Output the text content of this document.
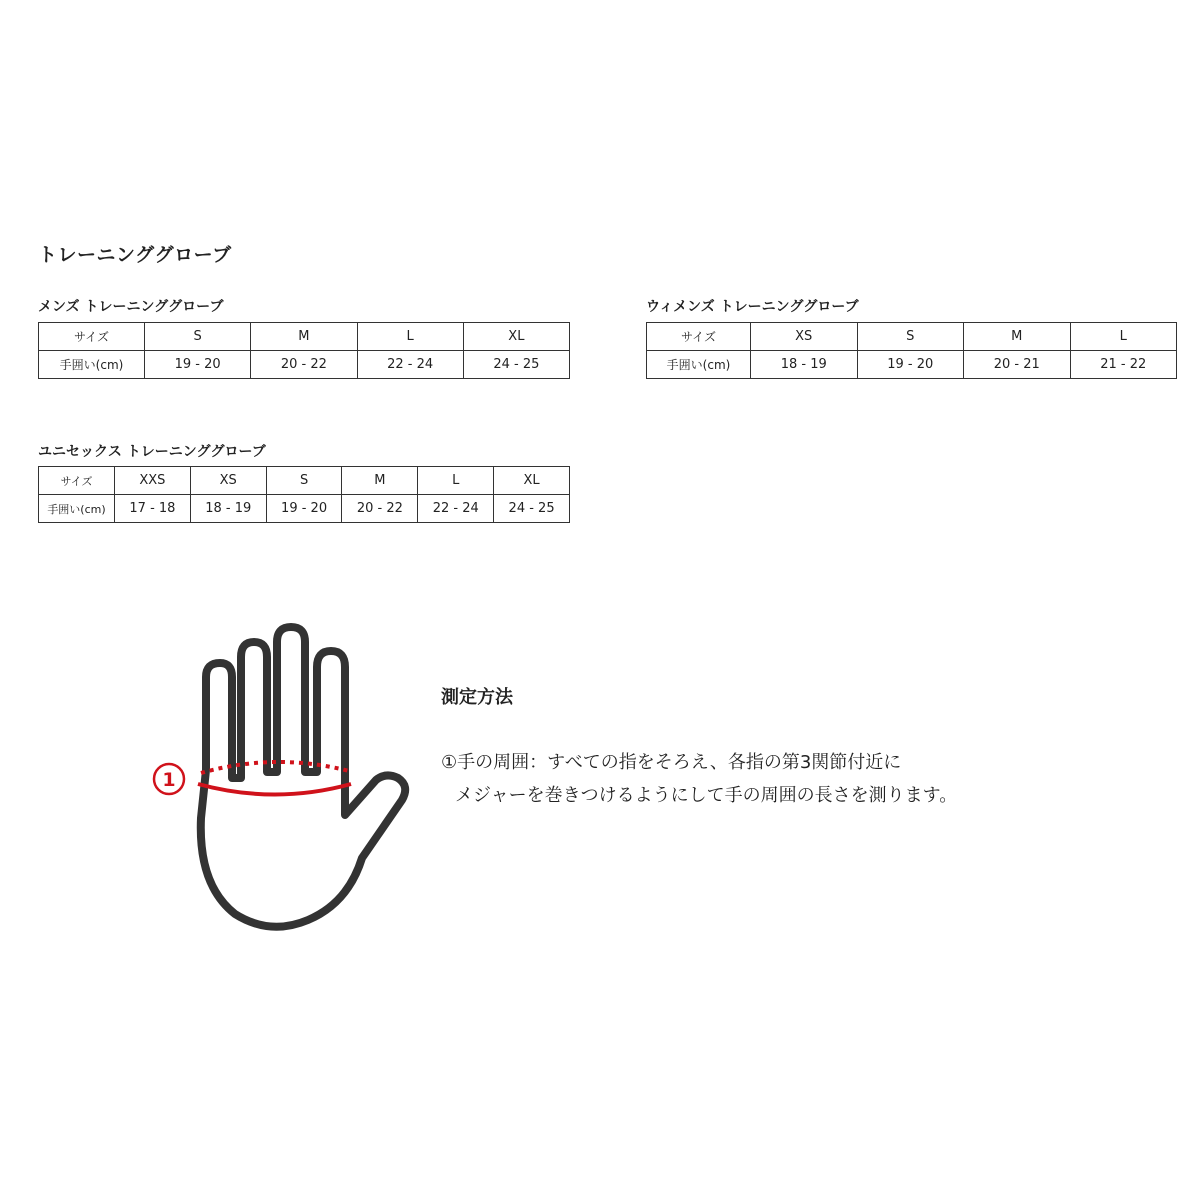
トレーニンググローブ
メンズ トレーニンググローブ
サイズ	S	M	L	XL
手囲い(cm)	19 - 20	20 - 22	22 - 24	24 - 25
ウィメンズ トレーニンググローブ
サイズ	XS	S	M	L
手囲い(cm)	18 - 19	19 - 20	20 - 21	21 - 22
ユニセックス トレーニンググローブ
サイズ	XXS	XS	S	M	L	XL
手囲い(cm)	17 - 18	18 - 19	19 - 20	20 - 22	22 - 24	24 - 25
1
測定方法

①手の周囲：すべての指をそろえ、各指の第3関節付近に

メジャーを巻きつけるようにして手の周囲の長さを測ります。
